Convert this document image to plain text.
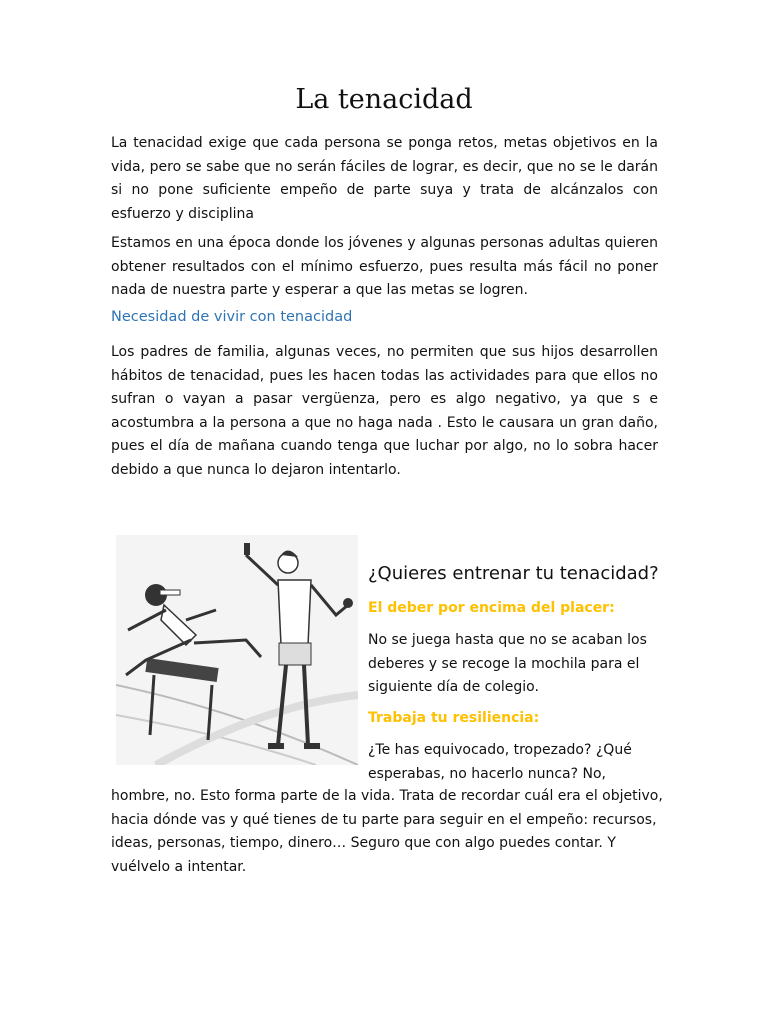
La tenacidad

La tenacidad exige que cada persona se ponga retos, metas objetivos en la vida, pero se sabe que no serán fáciles de lograr, es decir, que no se le darán si no pone suficiente empeño de parte suya y trata de alcánzalos con esfuerzo y disciplina

Estamos en una época donde los jóvenes y algunas personas adultas quieren obtener resultados con el mínimo esfuerzo, pues resulta más fácil no poner nada de nuestra parte y esperar a que las metas se logren.

Necesidad de vivir con tenacidad

Los padres de familia, algunas veces, no permiten que sus hijos desarrollen hábitos de tenacidad, pues les hacen todas las actividades para que ellos no sufran o vayan a pasar vergüenza, pero es algo negativo, ya que s e acostumbra a la persona a que no haga nada . Esto le causara un gran daño, pues el día de mañana cuando tenga que luchar por algo, no lo sobra hacer debido a que nunca lo dejaron intentarlo.

¿Quieres entrenar tu tenacidad?
El deber por encima del placer:

No se juega hasta que no se acaban los deberes y se recoge la mochila para el siguiente día de colegio.

Trabaja tu resiliencia:

¿Te has equivocado, tropezado? ¿Qué esperabas, no hacerlo nunca? No,

hombre, no. Esto forma parte de la vida. Trata de recordar cuál era el objetivo, hacia dónde vas y qué tienes de tu parte para seguir en el empeño: recursos, ideas, personas, tiempo, dinero… Seguro que con algo puedes contar. Y vuélvelo a intentar.
